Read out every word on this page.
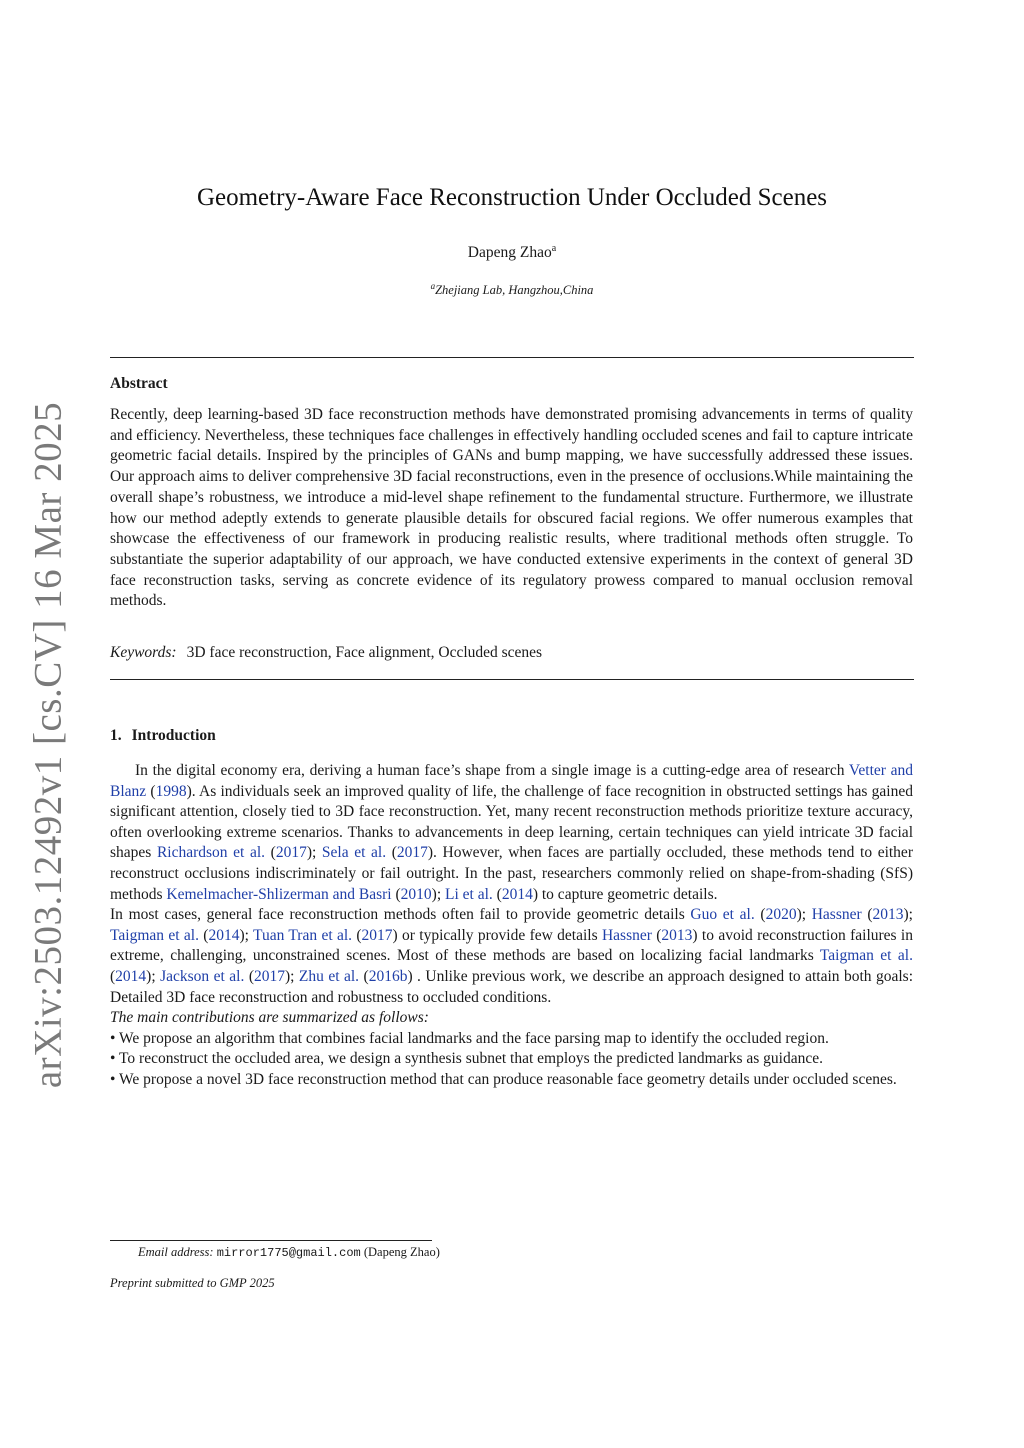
arXiv:2503.12492v1 [cs.CV] 16 Mar 2025
Geometry-Aware Face Reconstruction Under Occluded Scenes
Dapeng Zhao$^a$
$^a$Zhejiang Lab, Hangzhou,China
Abstract
Recently, deep learning-based 3D face reconstruction methods have demonstrated promising advancements in terms of quality and efficiency. Nevertheless, these techniques face challenges in effectively handling occluded scenes and fail to capture intricate geometric facial details. Inspired by the principles of GANs and bump mapping, we have successfully addressed these issues. Our approach aims to deliver comprehensive 3D facial reconstructions, even in the presence of occlusions.While maintaining the overall shape’s robustness, we introduce a mid-level shape refinement to the fundamental structure. Furthermore, we illustrate how our method adeptly extends to generate plausible details for obscured facial regions. We offer numerous examples that showcase the effectiveness of our framework in producing realistic results, where traditional methods often struggle. To substantiate the superior adaptability of our approach, we have conducted extensive experiments in the context of general 3D face reconstruction tasks, serving as concrete evidence of its regulatory prowess compared to manual occlusion removal methods.
Keywords: 3D face reconstruction, Face alignment, Occluded scenes
1. Introduction

In the digital economy era, deriving a human face’s shape from a single image is a cutting-edge area of research Vetter and Blanz (1998). As individuals seek an improved quality of life, the challenge of face recognition in obstructed settings has gained significant attention, closely tied to 3D face reconstruction. Yet, many recent reconstruction methods prioritize texture accuracy, often overlooking extreme scenarios. Thanks to advancements in deep learning, certain techniques can yield intricate 3D facial shapes Richardson et al. (2017); Sela et al. (2017). However, when faces are partially occluded, these methods tend to either reconstruct occlusions indiscriminately or fail outright. In the past, researchers commonly relied on shape-from-shading (SfS) methods Kemelmacher-Shlizerman and Basri (2010); Li et al. (2014) to capture geometric details.

In most cases, general face reconstruction methods often fail to provide geometric details Guo et al. (2020); Hassner (2013); Taigman et al. (2014); Tuan Tran et al. (2017) or typically provide few details Hassner (2013) to avoid reconstruction failures in extreme, challenging, unconstrained scenes. Most of these methods are based on localizing facial landmarks Taigman et al. (2014); Jackson et al. (2017); Zhu et al. (2016b) . Unlike previous work, we describe an approach designed to attain both goals: Detailed 3D face reconstruction and robustness to occluded conditions.

The main contributions are summarized as follows:

• We propose an algorithm that combines facial landmarks and the face parsing map to identify the occluded region.

• To reconstruct the occluded area, we design a synthesis subnet that employs the predicted landmarks as guidance.

• We propose a novel 3D face reconstruction method that can produce reasonable face geometry details under occluded scenes.

Email address: mirror1775@gmail.com (Dapeng Zhao)
Preprint submitted to GMP 2025
